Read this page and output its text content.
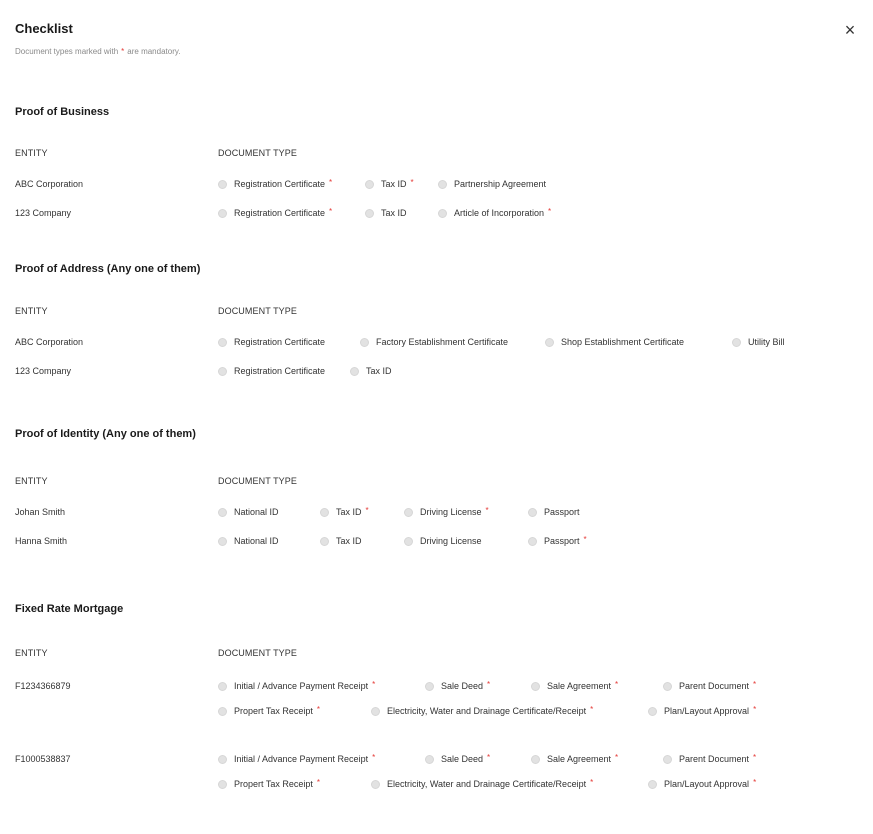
Checklist
Document types marked with * are mandatory.
×
Proof of Business
ENTITY	DOCUMENT TYPE
ABC Corporation	Registration Certificate *	Tax ID *	Partnership Agreement
123 Company	Registration Certificate *	Tax ID	Article of Incorporation *
Proof of Address (Any one of them)
ENTITY	DOCUMENT TYPE
ABC Corporation	Registration Certificate	Factory Establishment Certificate	Shop Establishment Certificate	Utility Bill
123 Company	Registration Certificate	Tax ID
Proof of Identity (Any one of them)
ENTITY	DOCUMENT TYPE
Johan Smith	National ID	Tax ID *	Driving License *	Passport
Hanna Smith	National ID	Tax ID	Driving License	Passport *
Fixed Rate Mortgage
ENTITY	DOCUMENT TYPE
F1234366879	Initial / Advance Payment Receipt *	Sale Deed *	Sale Agreement *	Parent Document *
Propert Tax Receipt *	Electricity, Water and Drainage Certificate/Receipt *	Plan/Layout Approval *
F1000538837	Initial / Advance Payment Receipt *	Sale Deed *	Sale Agreement *	Parent Document *
Propert Tax Receipt *	Electricity, Water and Drainage Certificate/Receipt *	Plan/Layout Approval *
